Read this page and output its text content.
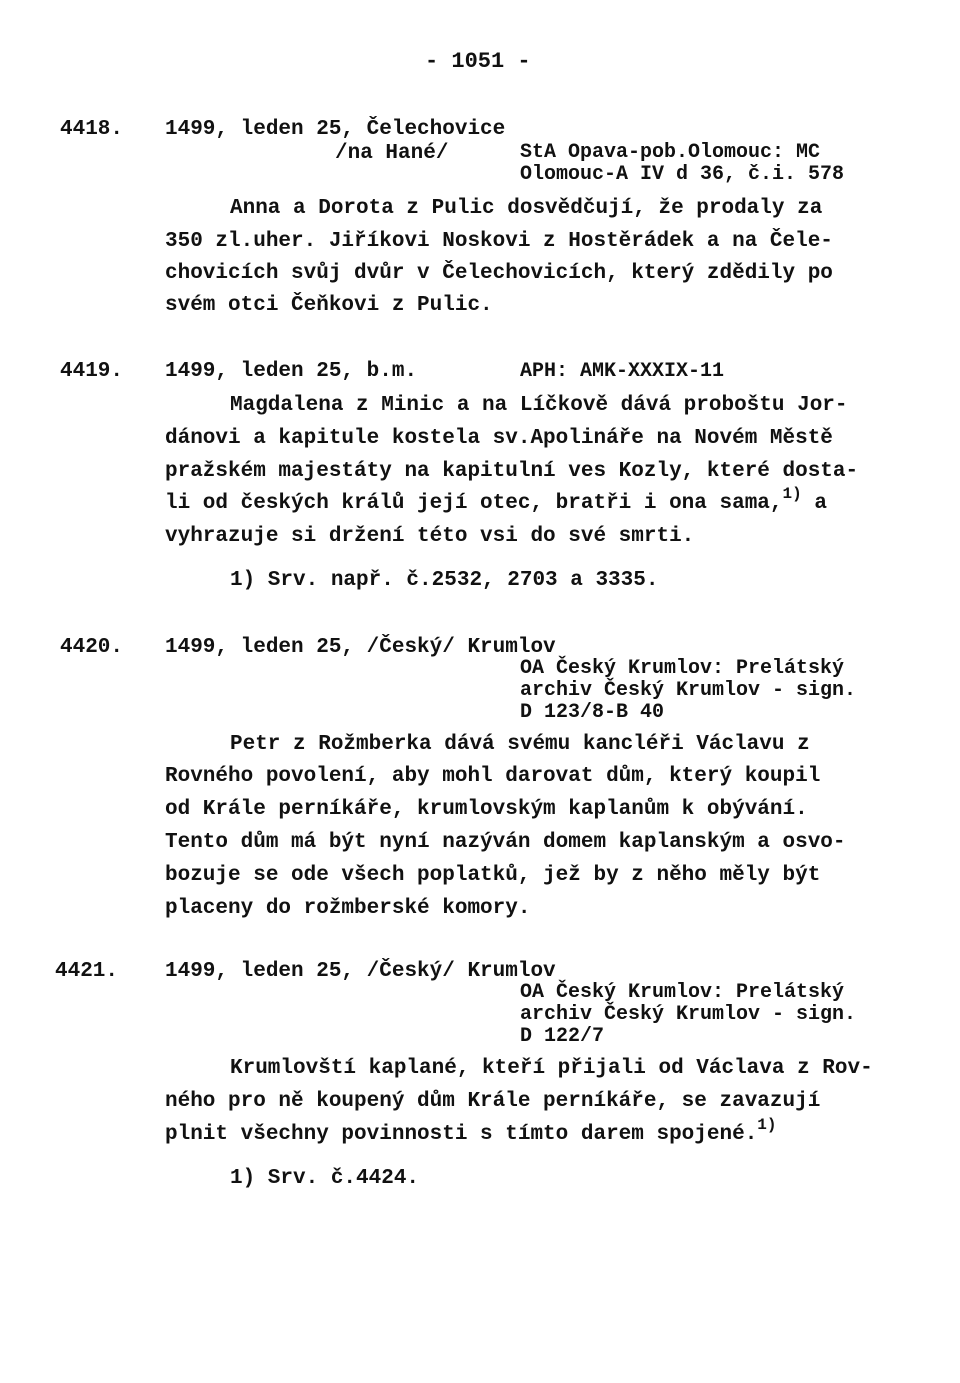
- 1051 -
4418. 1499, leden 25, Čelechovice
/na Hané/	StA Opava-pob.Olomouc: MC
Olomouc-A IV d 36, č.i. 578
Anna a Dorota z Pulic dosvědčují, že prodaly za
350 zl.uher. Jiříkovi Noskovi z Hostěrádek a na Čele-
chovicích svůj dvůr v Čelechovicích, který zdědily po
svém otci Čeňkovi z Pulic.
4419. 1499, leden 25, b.m.	APH: AMK-XXXIX-11
Magdalena z Minic a na Líčkově dává proboštu Jor-
dánovi a kapitule kostela sv.Apolináře na Novém Městě
pražském majestáty na kapitulní ves Kozly, které dosta-
li od českých králů její otec, bratři i ona sama,$^{1)}$ a
vyhrazuje si držení této vsi do své smrti.
1) Srv. např. č.2532, 2703 a 3335.
4420. 1499, leden 25, /Český/ Krumlov
OA Český Krumlov: Prelátský
archiv Český Krumlov - sign.
D 123/8-B 40
Petr z Rožmberka dává svému kancléři Václavu z
Rovného povolení, aby mohl darovat dům, který koupil
od Krále perníkáře, krumlovským kaplanům k obývání.
Tento dům má být nyní nazýván domem kaplanským a osvo-
bozuje se ode všech poplatků, jež by z něho měly být
placeny do rožmberské komory.
4421. 1499, leden 25, /Český/ Krumlov
OA Český Krumlov: Prelátský
archiv Český Krumlov - sign.
D 122/7
Krumlovští kaplané, kteří přijali od Václava z Rov-
ného pro ně koupený dům Krále perníkáře, se zavazují
plnit všechny povinnosti s tímto darem spojené.$^{1)}$
1) Srv. č.4424.
